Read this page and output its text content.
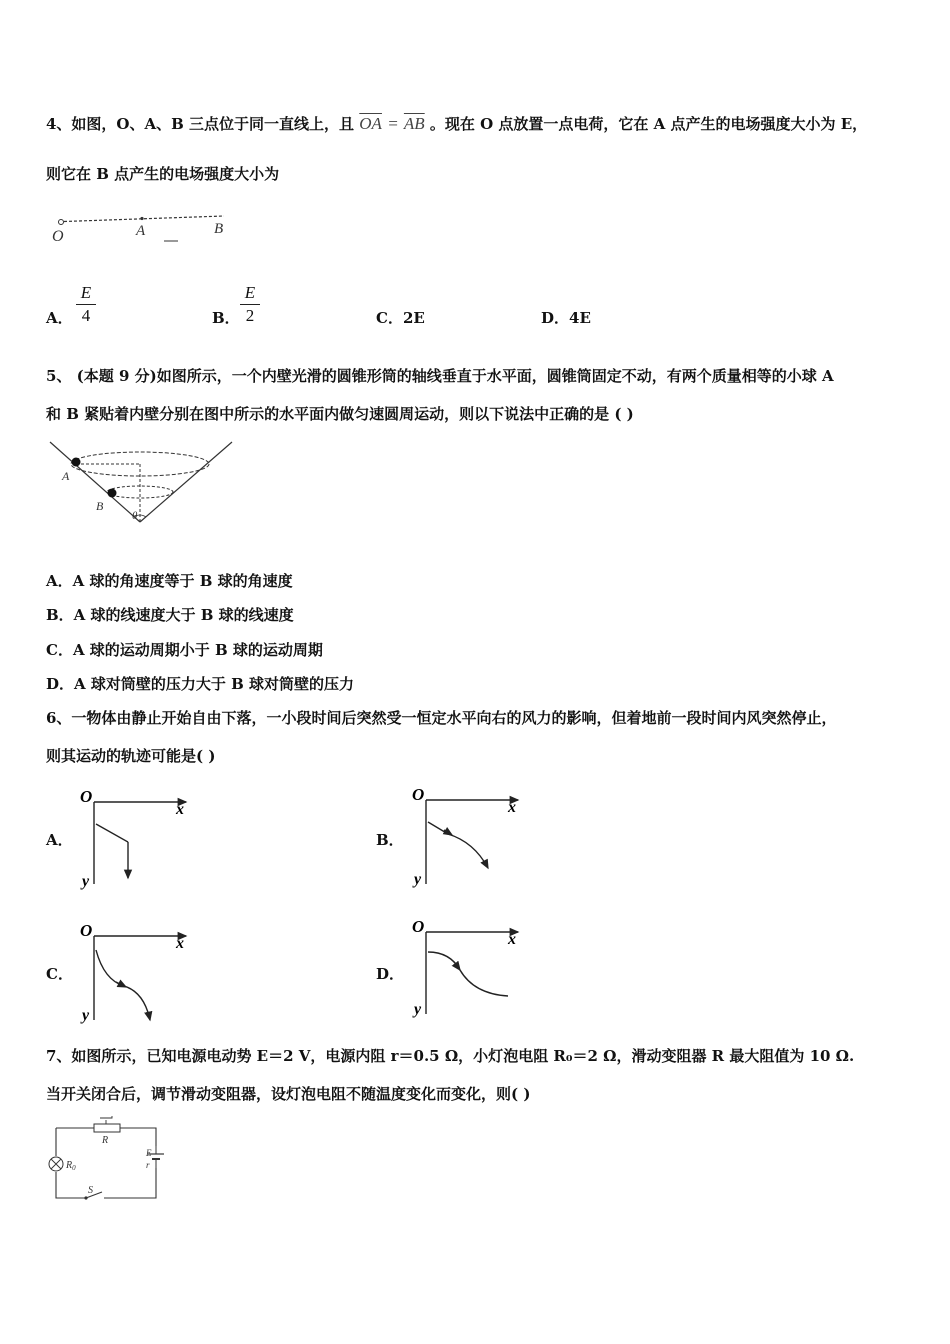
4、如图，O、A、B 三点位于同一直线上，且 $\overline{OA} = \overline{AB}$ 。现在 O 点放置一点电荷，它在 A 点产生的电场强度大小为 E，
则它在 B 点产生的电场强度大小为
O	A	B
A．
E
4	B．
E
2	C．2E	D．4E
5、 (本题 9 分)如图所示，一个内壁光滑的圆锥形筒的轴线垂直于水平面，圆锥筒固定不动，有两个质量相等的小球 A
和 B 紧贴着内壁分别在图中所示的水平面内做匀速圆周运动，则以下说法中正确的是 ( )
A
B
θ
A．A 球的角速度等于 B 球的角速度
B．A 球的线速度大于 B 球的线速度
C．A 球的运动周期小于 B 球的运动周期
D．A 球对筒壁的压力大于 B 球对筒壁的压力
6、一物体由静止开始自由下落，一小段时间后突然受一恒定水平向右的风力的影响，但着地前一段时间内风突然停止，
则其运动的轨迹可能是( )
A．
O
x
y
B．
O
x
y
C．
O
x
y
D．
O
x
y
7、如图所示，已知电源电动势 E＝2 V，电源内阻 r＝0.5 Ω，小灯泡电阻 R₀＝2 Ω，滑动变阻器 R 最大阻值为 10 Ω.
当开关闭合后，调节滑动变阻器，设灯泡电阻不随温度变化而变化，则( )
R
$R_0$
E
r
S
